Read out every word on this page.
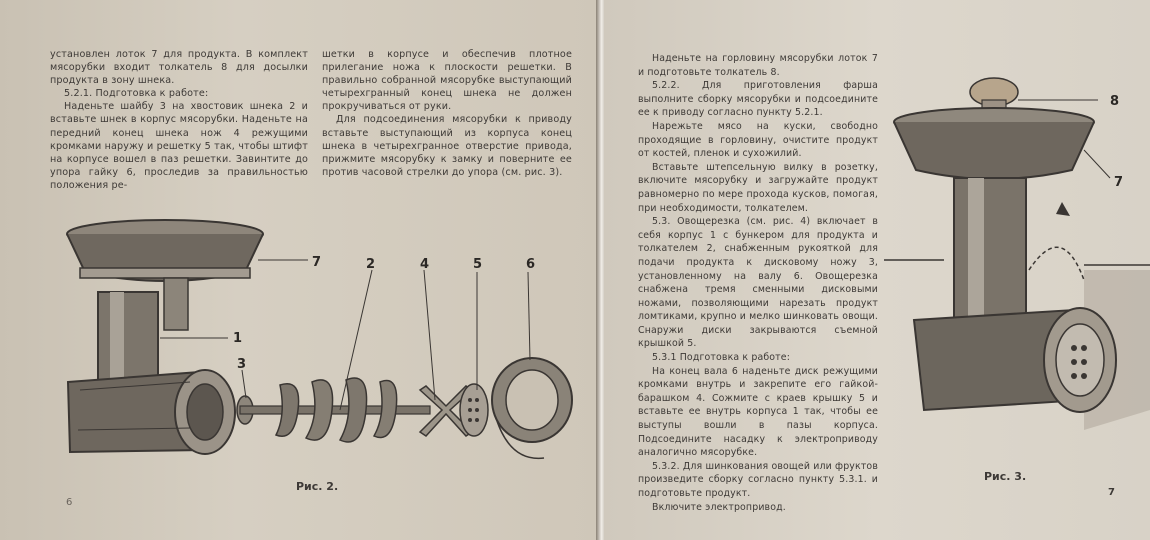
установлен лоток 7 для продукта. В комплект мясорубки входит толкатель 8 для досылки продукта в зону шнека.

5.2.1. Подготовка к работе:

Наденьте шайбу 3 на хвостовик шнека 2 и вставьте шнек в корпус мясорубки. Наденьте на передний конец шнека нож 4 режущими кромками наружу и решетку 5 так, чтобы штифт на корпусе вошел в паз решетки. Завинтите до упора гайку 6, проследив за правильностью положения ре-

шетки в корпусе и обеспечив плотное прилегание ножа к плоскости решетки. В правильно собранной мясорубке выступающий четырехгранный конец шнека не должен прокручиваться от руки.

Для подсоединения мясорубки к приводу вставьте выступающий из корпуса конец шнека в четырехгранное отверстие привода, прижмите мясорубку к замку и поверните ее против часовой стрелки до упора (см. рис. 3).

7	2	4	5	6
1
3
Рис. 2.
6

Наденьте на горловину мясорубки лоток 7 и подготовьте толкатель 8.

5.2.2. Для приготовления фарша выполните сборку мясорубки и подсоедините ее к приводу согласно пункту 5.2.1.

Нарежьте мясо на куски, свободно проходящие в горловину, очистите продукт от костей, пленок и сухожилий.

Вставьте штепсельную вилку в розетку, включите мясорубку и загружайте продукт равномерно по мере прохода кусков, помогая, при необходимости, толкателем.

5.3. Овощерезка (см. рис. 4) включает в себя корпус 1 с бункером для продукта и толкателем 2, снабженным рукояткой для подачи продукта к дисковому ножу 3, установленному на валу 6. Овощерезка снабжена тремя сменными дисковыми ножами, позволяющими нарезать продукт ломтиками, крупно и мелко шинковать овощи. Снаружи диски закрываются съемной крышкой 5.

5.3.1 Подготовка к работе:

На конец вала 6 наденьте диск режущими кромками внутрь и закрепите его гайкой-барашком 4. Сожмите с краев крышку 5 и вставьте ее внутрь корпуса 1 так, чтобы ее выступы вошли в пазы корпуса. Подсоедините насадку к электроприводу аналогично мясорубке.

5.3.2. Для шинкования овощей или фруктов произведите сборку согласно пункту 5.3.1. и подготовьте продукт.

Включите электропривод.

8
7
Рис. 3.
7
